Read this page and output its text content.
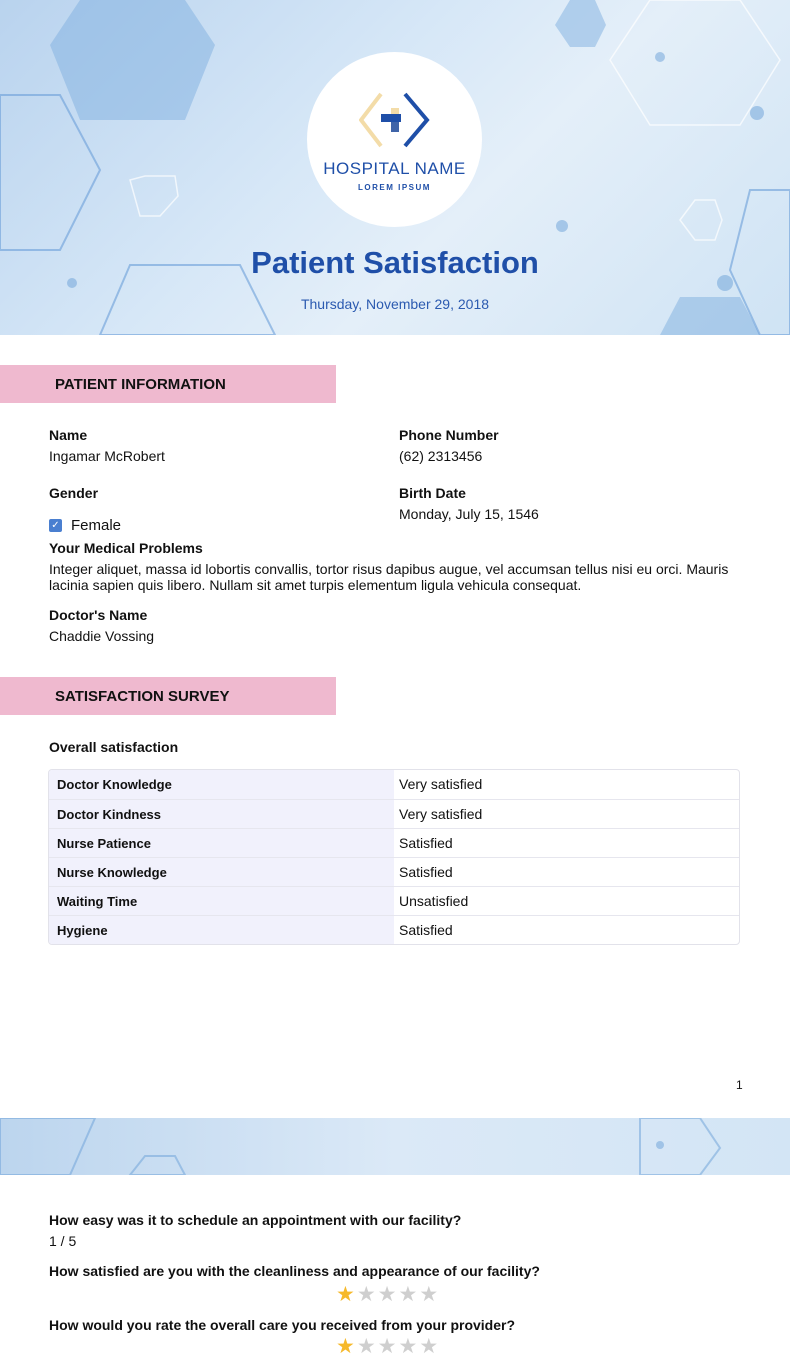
HOSPITAL NAME
LOREM IPSUM
Patient Satisfaction
Thursday, November 29, 2018
PATIENT INFORMATION
Name
Ingamar McRobert
Phone Number
(62) 2313456
Gender
✓ Female
Birth Date
Monday, July 15, 1546
Your Medical Problems
Integer aliquet, massa id lobortis convallis, tortor risus dapibus augue, vel accumsan tellus nisi eu orci. Mauris lacinia sapien quis libero. Nullam sit amet turpis elementum ligula vehicula consequat.
Doctor's Name
Chaddie Vossing
SATISFACTION SURVEY
Overall satisfaction
Doctor Knowledge	Very satisfied
Doctor Kindness	Very satisfied
Nurse Patience	Satisfied
Nurse Knowledge	Satisfied
Waiting Time	Unsatisfied
Hygiene	Satisfied
1
How easy was it to schedule an appointment with our facility?
1 / 5
How satisfied are you with the cleanliness and appearance of our facility?
★ ★ ★ ★ ★
How would you rate the overall care you received from your provider?
★ ★ ★ ★ ★
